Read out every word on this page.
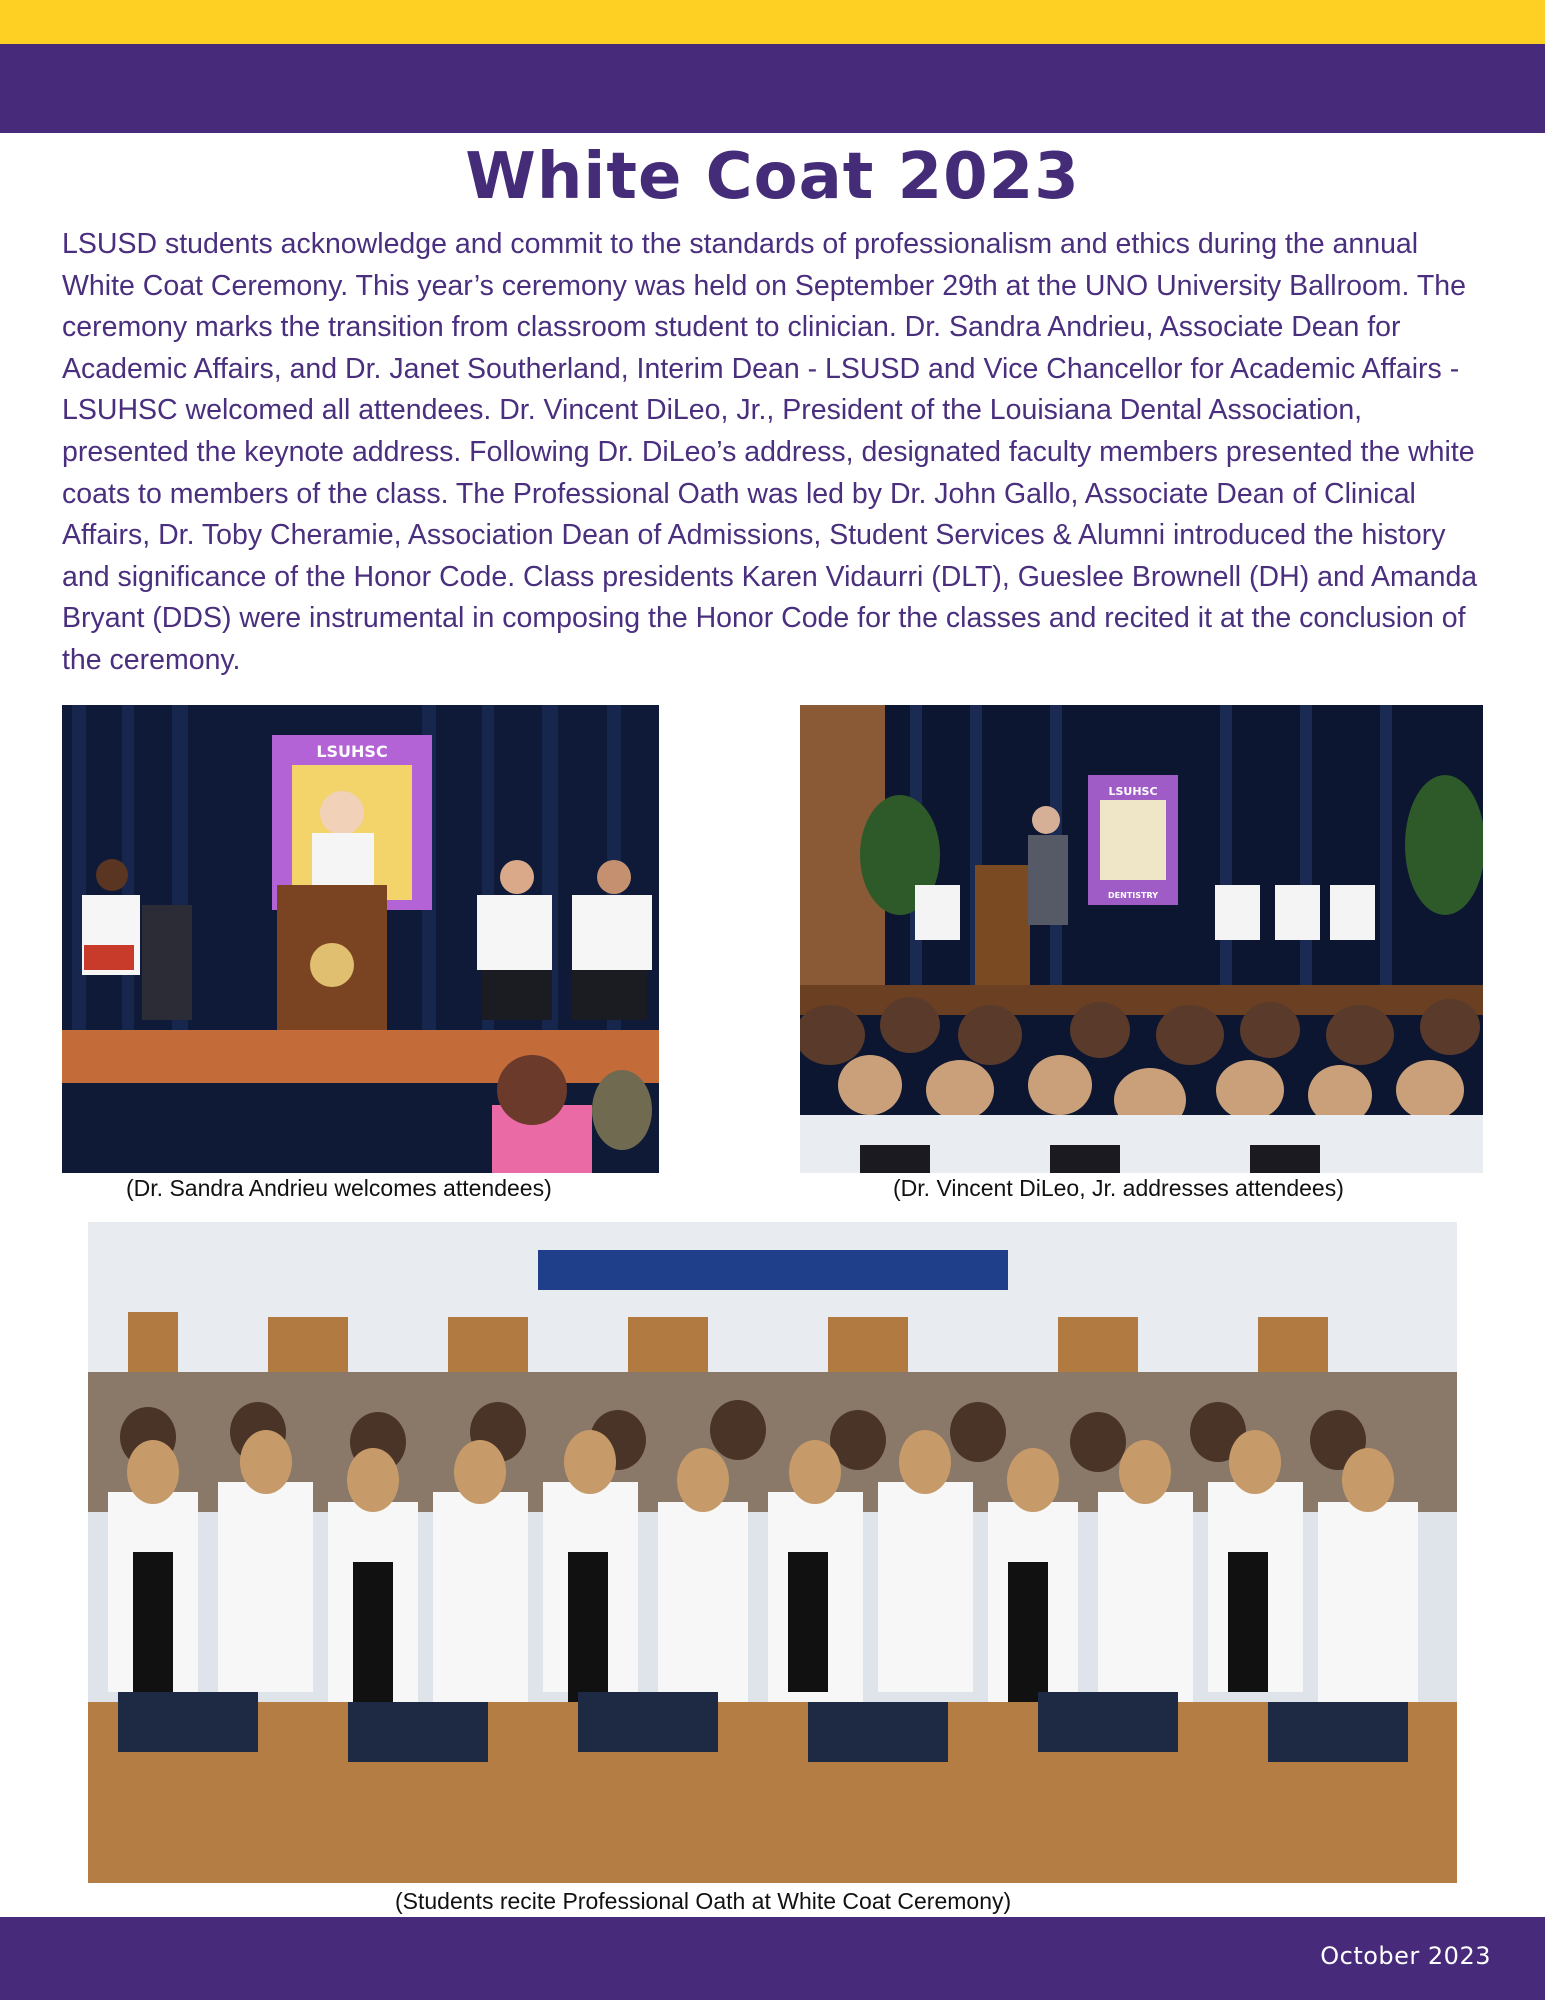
White Coat 2023

LSUSD students acknowledge and commit to the standards of professionalism and ethics during the annual White Coat Ceremony. This year’s ceremony was held on September 29th at the UNO University Ballroom. The ceremony marks the transition from classroom student to clinician. Dr. Sandra Andrieu, Associate Dean for Academic Affairs, and Dr. Janet Southerland, Interim Dean - LSUSD and Vice Chancellor for Academic Affairs - LSUHSC welcomed all attendees. Dr. Vincent DiLeo, Jr., President of the Louisiana Dental Association, presented the keynote address. Following Dr. DiLeo’s address, designated faculty members presented the white coats to members of the class. The Professional Oath was led by Dr. John Gallo, Associate Dean of Clinical Affairs, Dr. Toby Cheramie, Association Dean of Admissions, Student Services & Alumni introduced the history and significance of the Honor Code. Class presidents Karen Vidaurri (DLT), Gueslee Brownell (DH) and Amanda Bryant (DDS) were instrumental in composing the Honor Code for the classes and recited it at the conclusion of the ceremony.

LSUHSC

(Dr. Sandra Andrieu welcomes attendees)

LSUHSC
DENTISTRY

(Dr. Vincent DiLeo, Jr. addresses attendees)

(Students recite Professional Oath at White Coat Ceremony)

October 2023
